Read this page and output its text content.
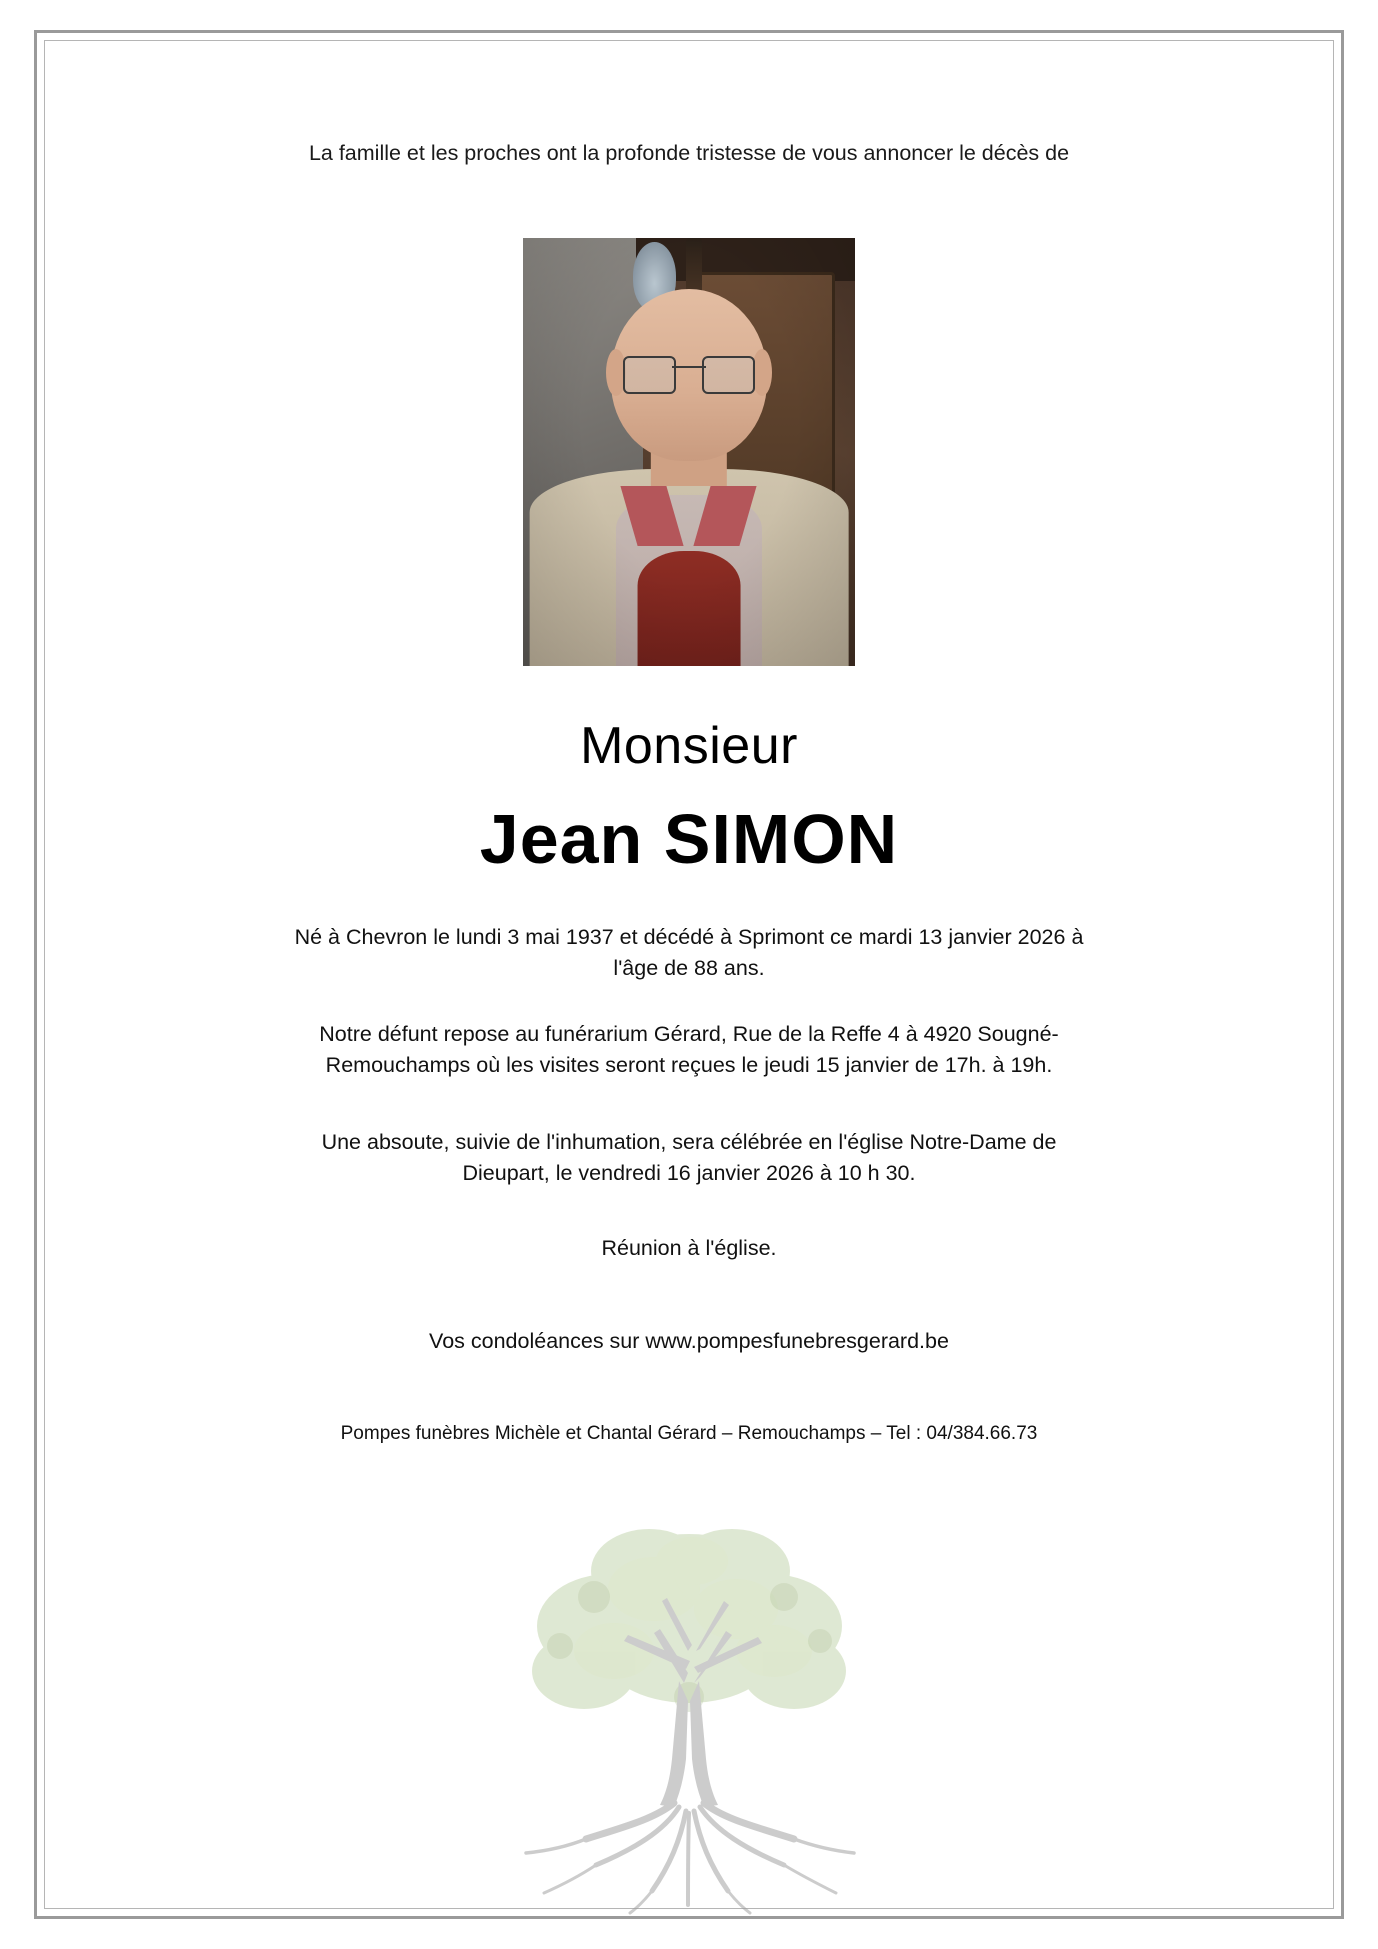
La famille et les proches ont la profonde tristesse de vous annoncer le décès de
Monsieur
Jean SIMON

Né à Chevron le lundi 3 mai 1937 et décédé à Sprimont ce mardi 13 janvier 2026 à l'âge de 88 ans.

Notre défunt repose au funérarium Gérard, Rue de la Reffe 4 à 4920 Sougné-Remouchamps où les visites seront reçues le jeudi 15 janvier de 17h. à 19h.

Une absoute, suivie de l'inhumation, sera célébrée en l'église Notre-Dame de Dieupart, le vendredi 16 janvier 2026 à 10 h 30.

Réunion à l'église.

Vos condoléances sur www.pompesfunebresgerard.be

Pompes funèbres Michèle et Chantal Gérard – Remouchamps – Tel : 04/384.66.73
